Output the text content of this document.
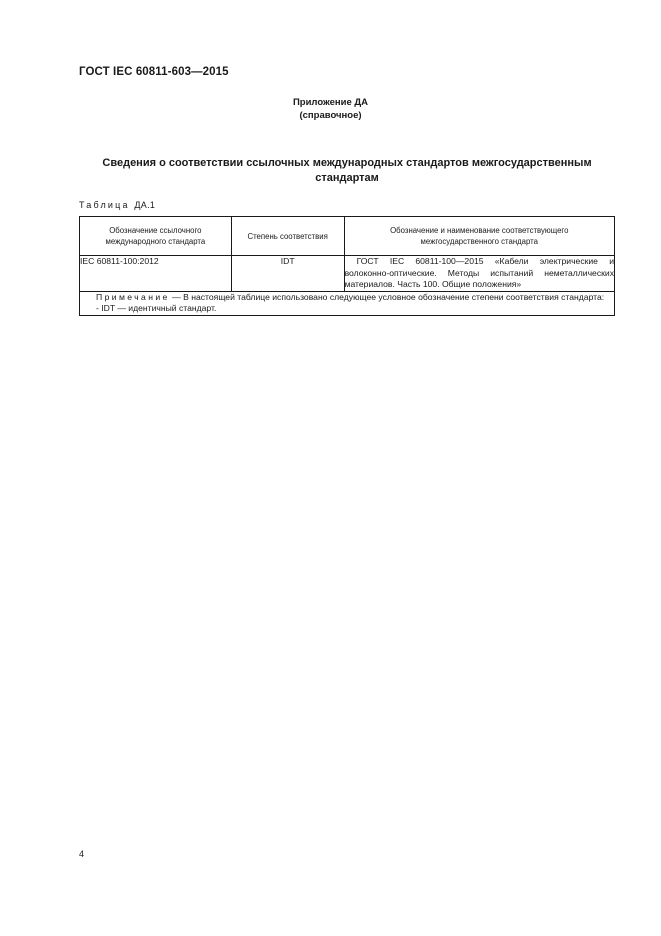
ГОСТ IEC 60811-603—2015
Приложение ДА
(справочное)
Сведения о соответствии ссылочных международных стандартов межгосударственным стандартам
Таблица ДА.1
Обозначение ссылочного международного стандарта	Степень соответствия	Обозначение и наименование соответствующего межгосударственного стандарта
IEC 60811-100:2012	IDT	ГОСТ IEC 60811-100—2015 «Кабели электрические и волоконно-оптические. Методы испытаний неметаллических материалов. Часть 100. Общие положения»

Примечание — В настоящей таблице использовано следующее условное обозначение степени соответствия стандарта:
- IDT — идентичный стандарт.		
4
